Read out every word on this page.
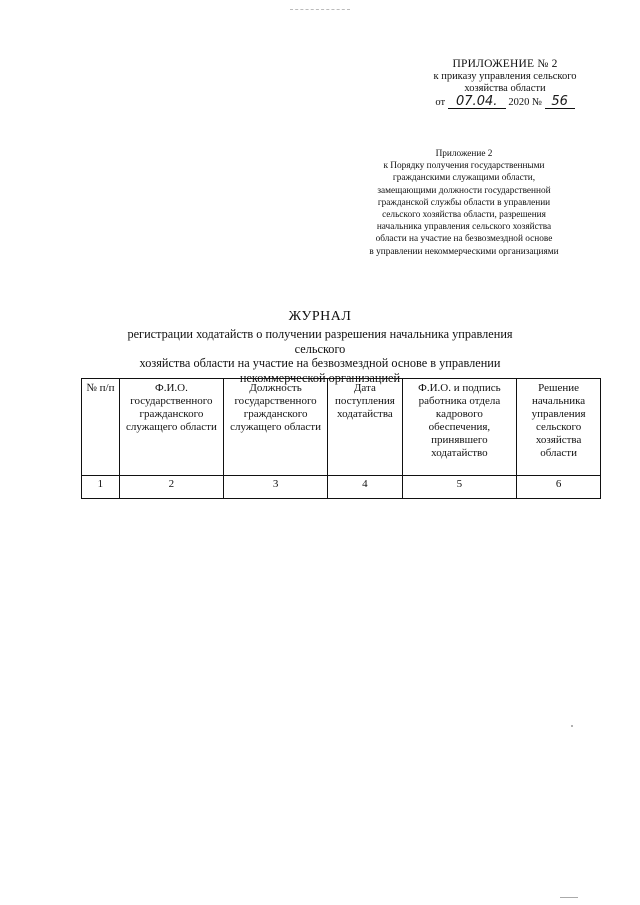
ПРИЛОЖЕНИЕ № 2
к приказу управления сельского
хозяйства области
от 07.04. 2020 № 56
Приложение 2
к Порядку получения государственными
гражданскими служащими области,
замещающими должности государственной
гражданской службы области в управлении
сельского хозяйства области, разрешения
начальника управления сельского хозяйства
области на участие на безвозмездной основе
в управлении некоммерческими организациями
ЖУРНАЛ
регистрации ходатайств о получении разрешения начальника управления сельского
хозяйства области на участие на безвозмездной основе в управлении
некоммерческой организацией
№ п/п	Ф.И.О. государственного гражданского служащего области	Должность государственного гражданского служащего области	Дата поступления ходатайства	Ф.И.О. и подпись работника отдела кадрового обеспечения, принявшего ходатайство	Решение начальника управления сельского хозяйства области
1	2	3	4	5	6
